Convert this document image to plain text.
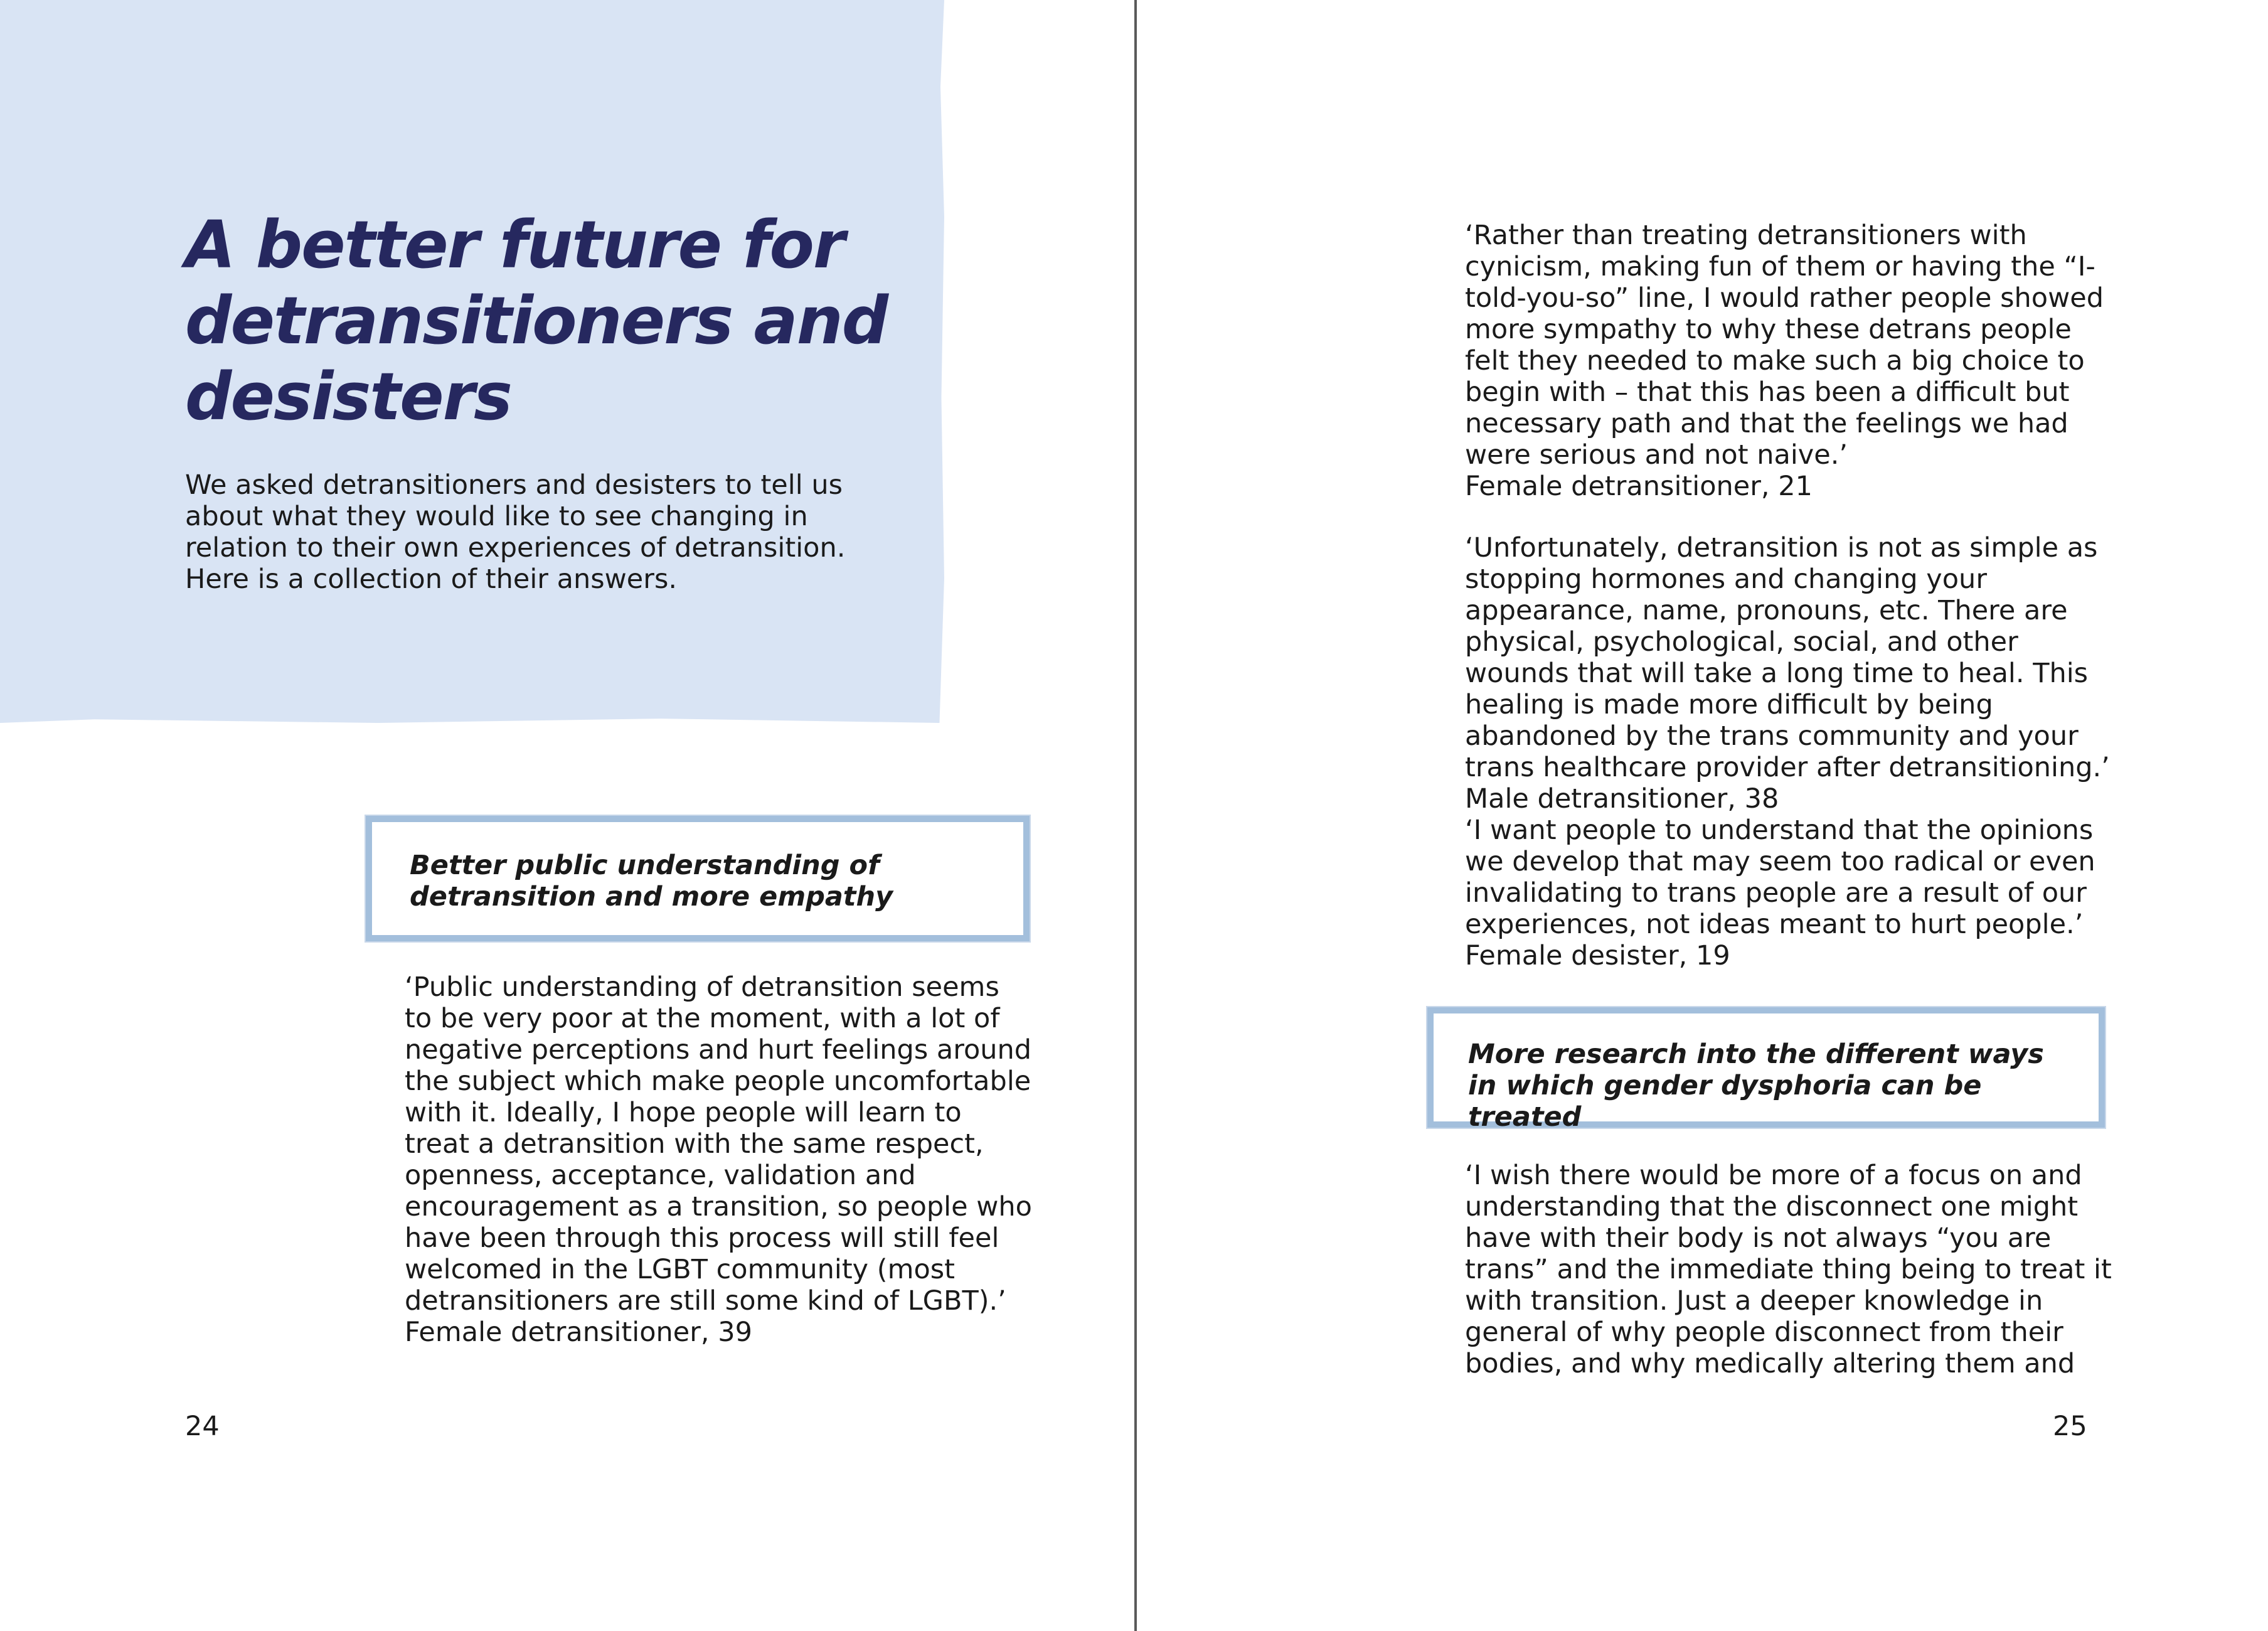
A better future for detransitioners and desisters

We asked detransitioners and desisters to tell us about what they would like to see changing in relation to their own experiences of detransition. Here is a collection of their answers.

Better public understanding of detransition and more empathy

‘Public understanding of detransition seems to be very poor at the moment, with a lot of negative perceptions and hurt feelings around the subject which make people uncomfortable with it. Ideally, I hope people will learn to treat a detransition with the same respect, openness, acceptance, validation and encouragement as a transition, so people who have been through this process will still feel welcomed in the LGBT community (most detransitioners are still some kind of LGBT).’ Female detransitioner, 39

24

‘Rather than treating detransitioners with cynicism, making fun of them or having the “I-told-you-so” line, I would rather people showed more sympathy to why these detrans people felt they needed to make such a big choice to begin with – that this has been a difficult but necessary path and that the feelings we had were serious and not naive.’

Female detransitioner, 21

‘Unfortunately, detransition is not as simple as stopping hormones and changing your appearance, name, pronouns, etc. There are physical, psychological, social, and other wounds that will take a long time to heal. This healing is made more difficult by being abandoned by the trans community and your trans healthcare provider after detransitioning.’ Male detransitioner, 38

‘I want people to understand that the opinions we develop that may seem too radical or even invalidating to trans people are a result of our experiences, not ideas meant to hurt people.’

Female desister, 19

More research into the different ways in which gender dysphoria can be treated

‘I wish there would be more of a focus on and understanding that the disconnect one might have with their body is not always “you are trans” and the immediate thing being to treat it with transition. Just a deeper knowledge in general of why people disconnect from their bodies, and why medically altering them and

25
